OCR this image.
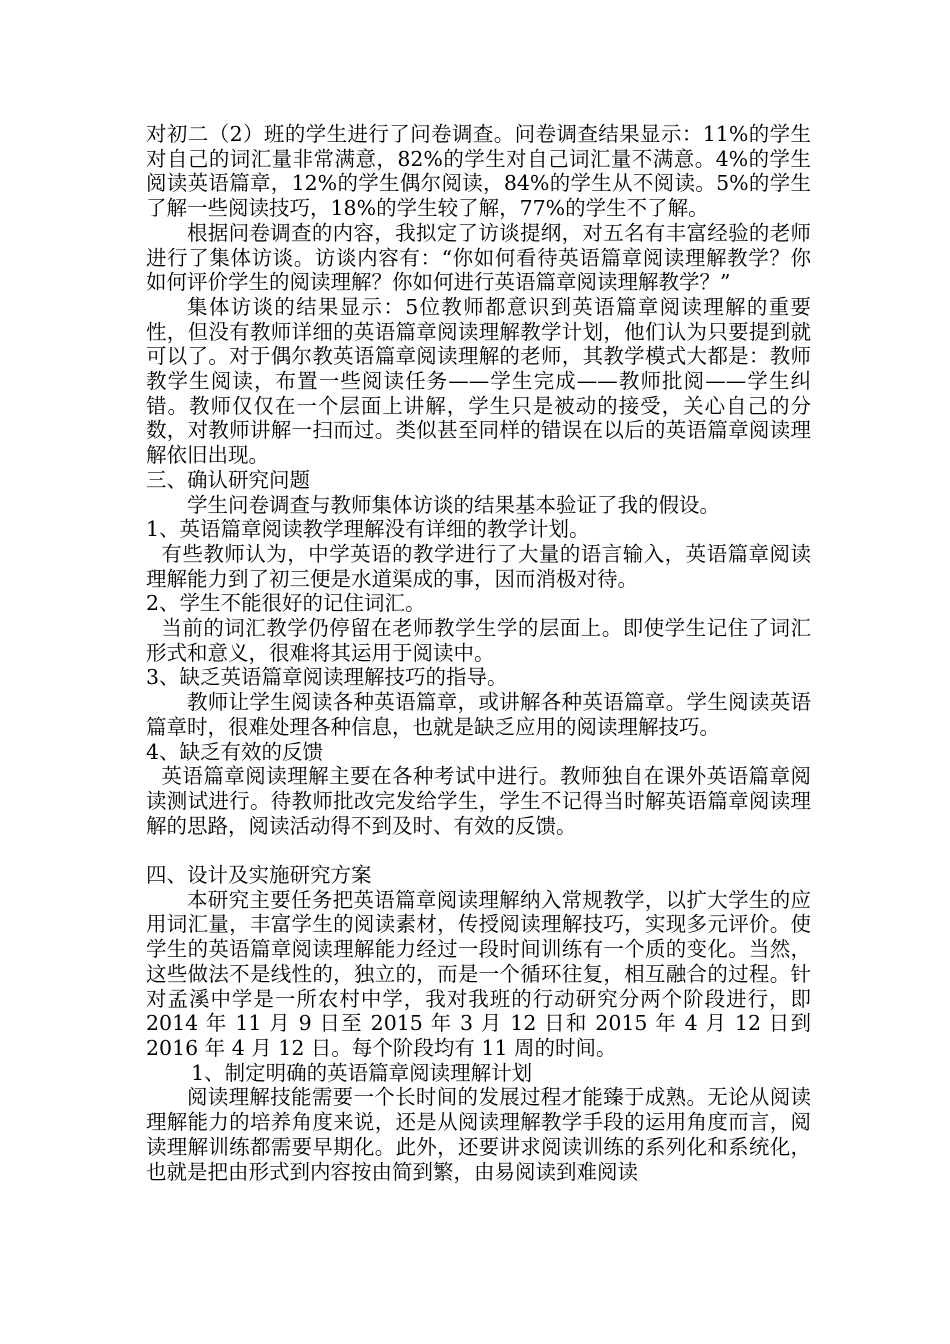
对初二（2）班的学生进行了问卷调查。问卷调查结果显示：11%的学生对自己的词汇量非常满意，82%的学生对自己词汇量不满意。4%的学生阅读英语篇章，12%的学生偶尔阅读，84%的学生从不阅读。5%的学生了解一些阅读技巧，18%的学生较了解，77%的学生不了解。

根据问卷调查的内容，我拟定了访谈提纲，对五名有丰富经验的老师进行了集体访谈。访谈内容有：“你如何看待英语篇章阅读理解教学？你如何评价学生的阅读理解？你如何进行英语篇章阅读理解教学？”

集体访谈的结果显示：5位教师都意识到英语篇章阅读理解的重要性，但没有教师详细的英语篇章阅读理解教学计划，他们认为只要提到就可以了。对于偶尔教英语篇章阅读理解的老师，其教学模式大都是：教师教学生阅读，布置一些阅读任务——学生完成——教师批阅——学生纠错。教师仅仅在一个层面上讲解，学生只是被动的接受，关心自己的分数，对教师讲解一扫而过。类似甚至同样的错误在以后的英语篇章阅读理解依旧出现。

三、确认研究问题

学生问卷调查与教师集体访谈的结果基本验证了我的假设。

1、英语篇章阅读教学理解没有详细的教学计划。

有些教师认为，中学英语的教学进行了大量的语言输入，英语篇章阅读理解能力到了初三便是水道渠成的事，因而消极对待。

2、学生不能很好的记住词汇。

当前的词汇教学仍停留在老师教学生学的层面上。即使学生记住了词汇形式和意义，很难将其运用于阅读中。

3、缺乏英语篇章阅读理解技巧的指导。

教师让学生阅读各种英语篇章，或讲解各种英语篇章。学生阅读英语篇章时，很难处理各种信息，也就是缺乏应用的阅读理解技巧。

4、缺乏有效的反馈

英语篇章阅读理解主要在各种考试中进行。教师独自在课外英语篇章阅读测试进行。待教师批改完发给学生，学生不记得当时解英语篇章阅读理解的思路，阅读活动得不到及时、有效的反馈。

四、设计及实施研究方案

本研究主要任务把英语篇章阅读理解纳入常规教学，以扩大学生的应用词汇量，丰富学生的阅读素材，传授阅读理解技巧，实现多元评价。使学生的英语篇章阅读理解能力经过一段时间训练有一个质的变化。当然，这些做法不是线性的，独立的，而是一个循环往复，相互融合的过程。针对孟溪中学是一所农村中学，我对我班的行动研究分两个阶段进行，即 2014 年 11 月 9 日至 2015 年 3 月 12 日和 2015 年 4 月 12 日到 2016 年 4 月 12 日。每个阶段均有 11 周的时间。

1、制定明确的英语篇章阅读理解计划

阅读理解技能需要一个长时间的发展过程才能臻于成熟。无论从阅读理解能力的培养角度来说，还是从阅读理解教学手段的运用角度而言，阅读理解训练都需要早期化。此外，还要讲求阅读训练的系列化和系统化，也就是把由形式到内容按由简到繁，由易阅读到难阅读
